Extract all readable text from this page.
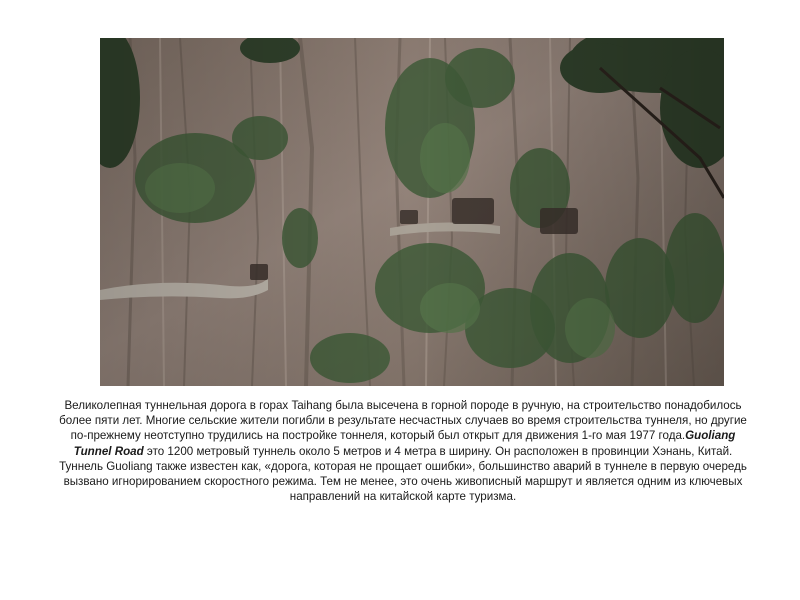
Великолепная туннельная дорога в горах Taihang была высечена в горной породе в ручную, на строительство понадобилось более пяти лет. Многие сельские жители погибли в результате несчастных случаев во время строительства туннеля, но другие по-прежнему неотступно трудились на постройке тоннеля, который был открыт для движения 1-го мая 1977 года.Guoliang Tunnel Road это 1200 метровый туннель около 5 метров и 4 метра в ширину. Он расположен в провинции Хэнань, Китай. Туннель Guoliang также известен как, «дорога, которая не прощает ошибки», большинство аварий в туннеле в первую очередь вызвано игнорированием скоростного режима. Тем не менее, это очень живописный маршрут и является одним из ключевых направлений на китайской карте туризма.
